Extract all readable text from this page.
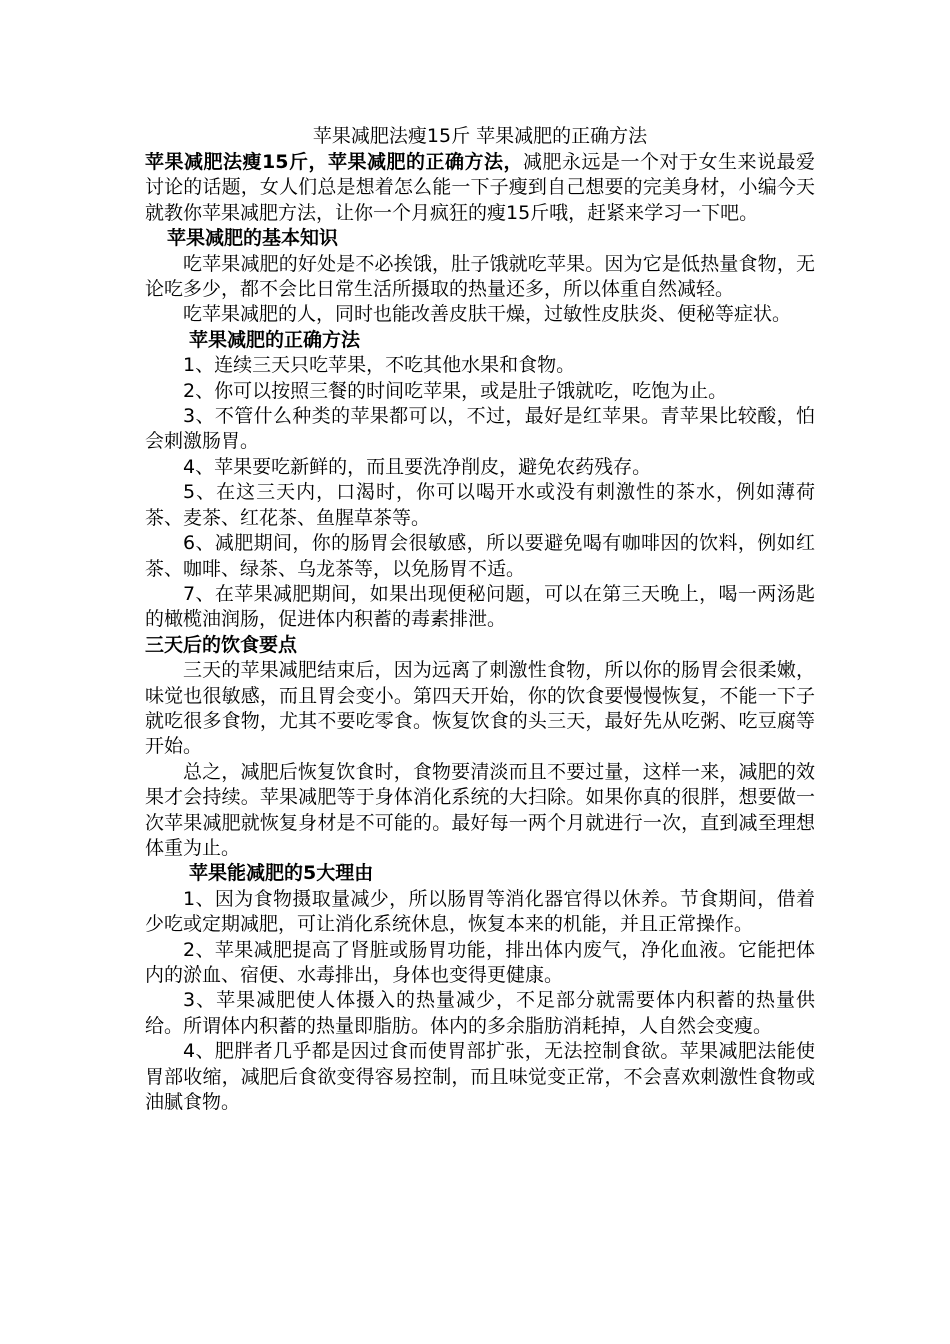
苹果减肥法瘦15斤 苹果减肥的正确方法

苹果减肥法瘦15斤，苹果减肥的正确方法，减肥永远是一个对于女生来说最爱讨论的话题，女人们总是想着怎么能一下子瘦到自己想要的完美身材，小编今天就教你苹果减肥方法，让你一个月疯狂的瘦15斤哦，赶紧来学习一下吧。

苹果减肥的基本知识

吃苹果减肥的好处是不必挨饿，肚子饿就吃苹果。因为它是低热量食物，无论吃多少，都不会比日常生活所摄取的热量还多，所以体重自然减轻。

吃苹果减肥的人，同时也能改善皮肤干燥，过敏性皮肤炎、便秘等症状。

苹果减肥的正确方法

1、连续三天只吃苹果，不吃其他水果和食物。

2、你可以按照三餐的时间吃苹果，或是肚子饿就吃，吃饱为止。

3、不管什么种类的苹果都可以，不过，最好是红苹果。青苹果比较酸，怕会刺激肠胃。

4、苹果要吃新鲜的，而且要洗净削皮，避免农药残存。

5、在这三天内，口渴时，你可以喝开水或没有刺激性的茶水，例如薄荷茶、麦茶、红花茶、鱼腥草茶等。

6、减肥期间，你的肠胃会很敏感，所以要避免喝有咖啡因的饮料，例如红茶、咖啡、绿茶、乌龙茶等，以免肠胃不适。

7、在苹果减肥期间，如果出现便秘问题，可以在第三天晚上，喝一两汤匙的橄榄油润肠，促进体内积蓄的毒素排泄。

三天后的饮食要点

三天的苹果减肥结束后，因为远离了刺激性食物，所以你的肠胃会很柔嫩，味觉也很敏感，而且胃会变小。第四天开始，你的饮食要慢慢恢复，不能一下子就吃很多食物，尤其不要吃零食。恢复饮食的头三天，最好先从吃粥、吃豆腐等开始。

总之，减肥后恢复饮食时，食物要清淡而且不要过量，这样一来，减肥的效果才会持续。苹果减肥等于身体消化系统的大扫除。如果你真的很胖，想要做一次苹果减肥就恢复身材是不可能的。最好每一两个月就进行一次，直到减至理想体重为止。

苹果能减肥的5大理由

1、因为食物摄取量减少，所以肠胃等消化器官得以休养。节食期间，借着少吃或定期减肥，可让消化系统休息，恢复本来的机能，并且正常操作。

2、苹果减肥提高了肾脏或肠胃功能，排出体内废气，净化血液。它能把体内的淤血、宿便、水毒排出，身体也变得更健康。

3、苹果减肥使人体摄入的热量减少，不足部分就需要体内积蓄的热量供给。所谓体内积蓄的热量即脂肪。体内的多余脂肪消耗掉，人自然会变瘦。

4、肥胖者几乎都是因过食而使胃部扩张，无法控制食欲。苹果减肥法能使胃部收缩，减肥后食欲变得容易控制，而且味觉变正常，不会喜欢刺激性食物或油腻食物。
